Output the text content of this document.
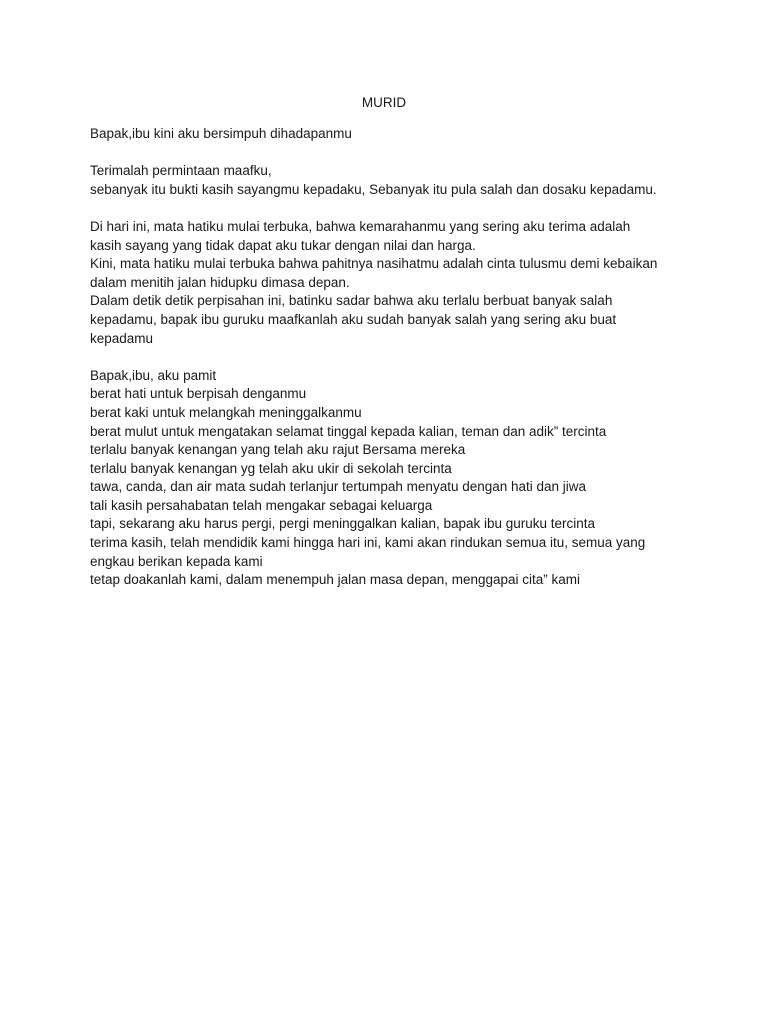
MURID

Bapak,ibu kini aku bersimpuh dihadapanmu

Terimalah permintaan maafku,
sebanyak itu bukti kasih sayangmu kepadaku, Sebanyak itu pula salah dan dosaku kepadamu.

Di hari ini, mata hatiku mulai terbuka, bahwa kemarahanmu yang sering aku terima adalah
kasih sayang yang tidak dapat aku tukar dengan nilai dan harga.
Kini, mata hatiku mulai terbuka bahwa pahitnya nasihatmu adalah cinta tulusmu demi kebaikan
dalam menitih jalan hidupku dimasa depan.
Dalam detik detik perpisahan ini, batinku sadar bahwa aku terlalu berbuat banyak salah
kepadamu, bapak ibu guruku maafkanlah aku sudah banyak salah yang sering aku buat
kepadamu

Bapak,ibu, aku pamit
berat hati untuk berpisah denganmu
berat kaki untuk melangkah meninggalkanmu
berat mulut untuk mengatakan selamat tinggal kepada kalian, teman dan adik” tercinta
terlalu banyak kenangan yang telah aku rajut Bersama mereka
terlalu banyak kenangan yg telah aku ukir di sekolah tercinta
tawa, canda, dan air mata sudah terlanjur tertumpah menyatu dengan hati dan jiwa
tali kasih persahabatan telah mengakar sebagai keluarga
tapi, sekarang aku harus pergi, pergi meninggalkan kalian, bapak ibu guruku tercinta
terima kasih, telah mendidik kami hingga hari ini, kami akan rindukan semua itu, semua yang
engkau berikan kepada kami
tetap doakanlah kami, dalam menempuh jalan masa depan, menggapai cita” kami
